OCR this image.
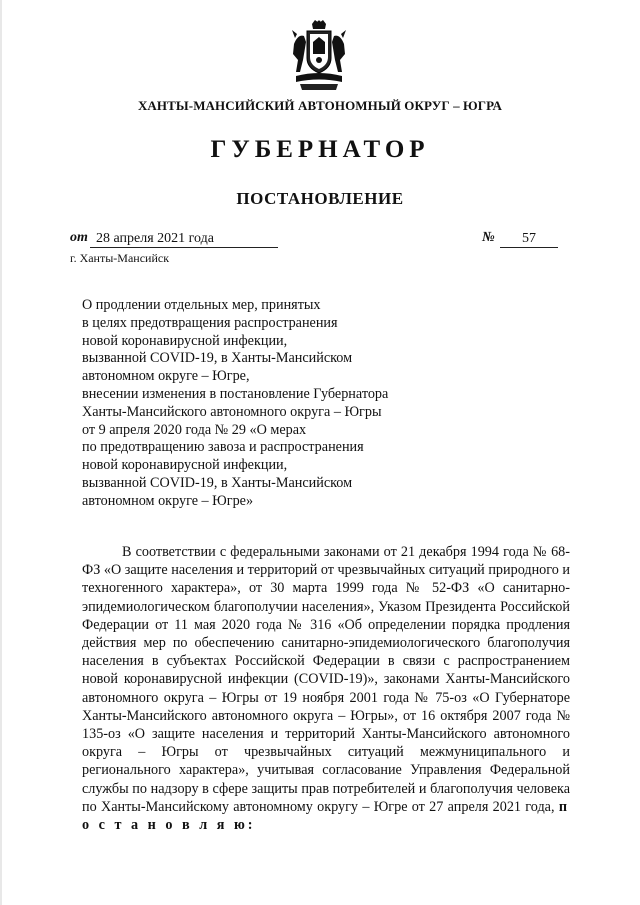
ХАНТЫ-МАНСИЙСКИЙ АВТОНОМНЫЙ ОКРУГ – ЮГРА
ГУБЕРНАТОР
ПОСТАНОВЛЕНИЕ
от 28 апреля 2021 года	№	57
г. Ханты-Мансийск
О продлении отдельных мер, принятых
в целях предотвращения распространения
новой коронавирусной инфекции,
вызванной COVID-19, в Ханты-Мансийском
автономном округе – Югре,
внесении изменения в постановление Губернатора
Ханты-Мансийского автономного округа – Югры
от 9 апреля 2020 года № 29 «О мерах
по предотвращению завоза и распространения
новой коронавирусной инфекции,
вызванной COVID-19, в Ханты-Мансийском
автономном округе – Югре»
В соответствии с федеральными законами от 21 декабря 1994 года № 68-ФЗ «О защите населения и территорий от чрезвычайных ситуаций природного и техногенного характера», от 30 марта 1999 года № 52-ФЗ «О санитарно-эпидемиологическом благополучии населения», Указом Президента Российской Федерации от 11 мая 2020 года № 316 «Об определении порядка продления действия мер по обеспечению санитарно-эпидемиологического благополучия населения в субъектах Российской Федерации в связи с распространением новой коронавирусной инфекции (COVID-19)», законами Ханты-Мансийского автономного округа – Югры от 19 ноября 2001 года № 75-оз «О Губернаторе Ханты-Мансийского автономного округа – Югры», от 16 октября 2007 года № 135-оз «О защите населения и территорий Ханты-Мансийского автономного округа – Югры от чрезвычайных ситуаций межмуниципального и регионального характера», учитывая согласование Управления Федеральной службы по надзору в сфере защиты прав потребителей и благополучия человека по Ханты-Мансийскому автономному округу – Югре от 27 апреля 2021 года, п о с т а н о в л я ю:
